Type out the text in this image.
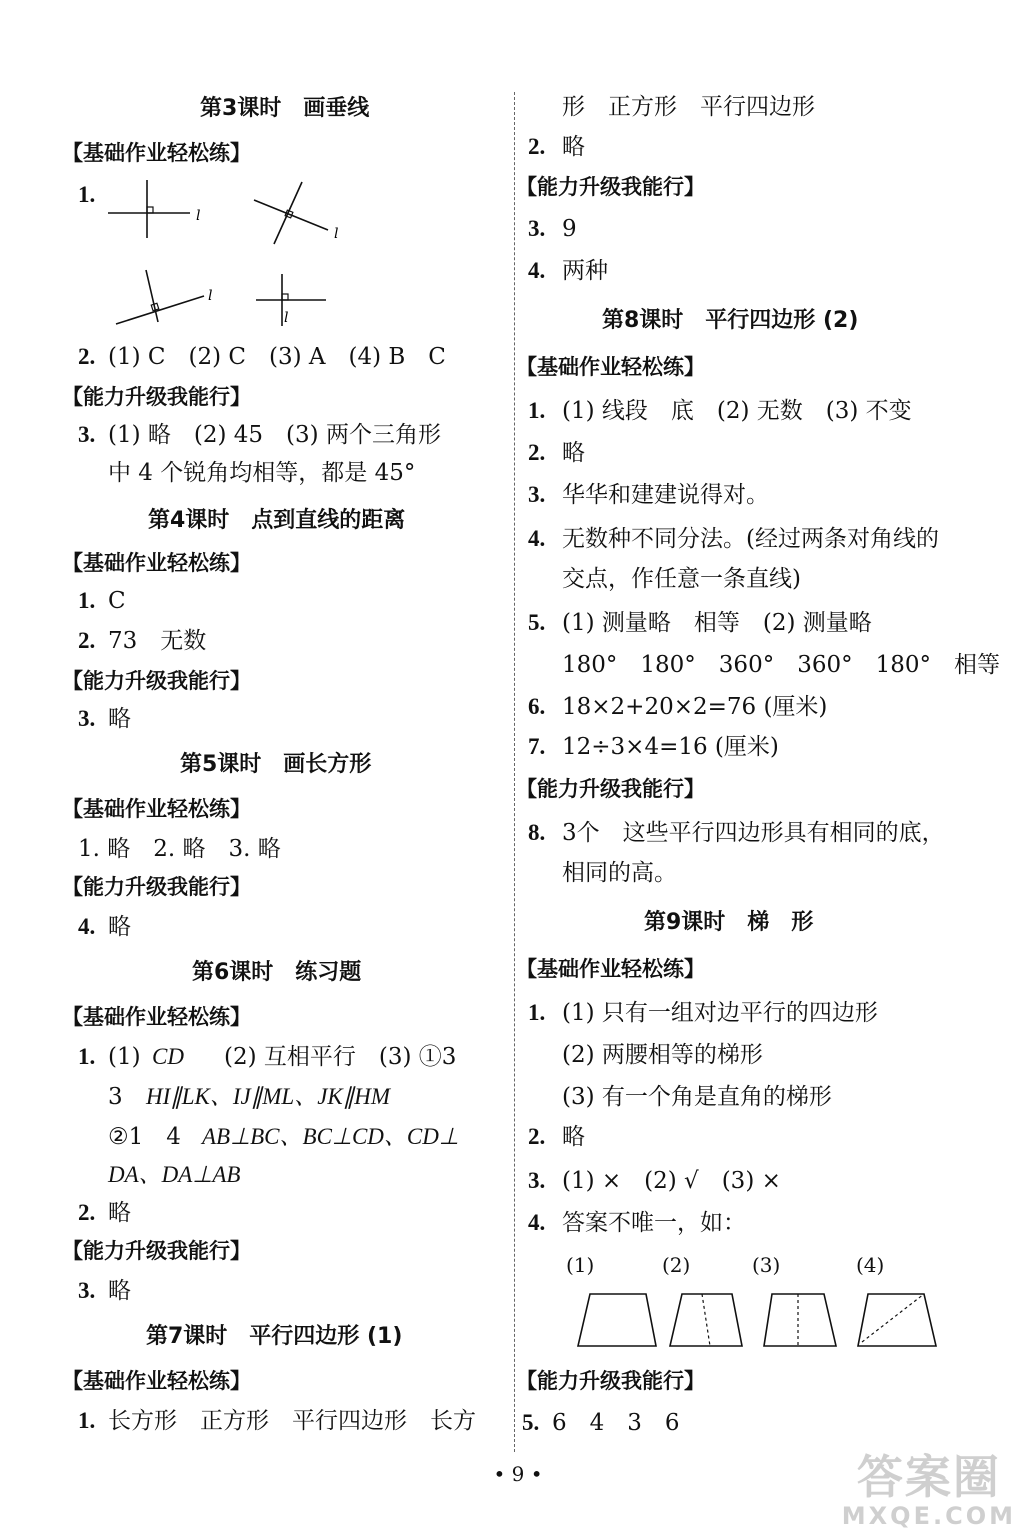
第3课时　画垂线
【基础作业轻松练】
1.
l
l
l
l
2. (1) C　(2) C　(3) A　(4) B　C
【能力升级我能行】
3. (1) 略　(2) 45　(3) 两个三角形
中 4 个锐角均相等，都是 45°
第4课时　点到直线的距离
【基础作业轻松练】
1. C
2. 73　无数
【能力升级我能行】
3. 略
第5课时　画长方形
【基础作业轻松练】
1. 略　2. 略　3. 略
【能力升级我能行】
4. 略
第6课时　练习题
【基础作业轻松练】
1. (1) CD (2) 互相平行　(3) ①3
3 HI∥LK、IJ∥ML、JK∥HM
②1　4 AB⊥BC、BC⊥CD、CD⊥
DA、DA⊥AB
2. 略
【能力升级我能行】
3. 略
第7课时　平行四边形 (1)
【基础作业轻松练】
1. 长方形　正方形　平行四边形　长方
形　正方形　平行四边形
2. 略
【能力升级我能行】
3. 9
4. 两种
第8课时　平行四边形 (2)
【基础作业轻松练】
1. (1) 线段　底　(2) 无数　(3) 不变
2. 略
3. 华华和建建说得对。
4. 无数种不同分法。(经过两条对角线的
交点，作任意一条直线)
5. (1) 测量略　相等　(2) 测量略
180°　180°　360°　360°　180°　相等
6. 18×2+20×2=76 (厘米)
7. 12÷3×4=16 (厘米)
【能力升级我能行】
8. 3个　这些平行四边形具有相同的底，
相同的高。
第9课时　梯　形
【基础作业轻松练】
1. (1) 只有一组对边平行的四边形
(2) 两腰相等的梯形
(3) 有一个角是直角的梯形
2. 略
3. (1) ×　(2) √　(3) ×
4. 答案不唯一，如：
(1)	(2)	(3)	(4)
【能力升级我能行】
5. 6　4　3　6
• 9 •	答案圈
MXQE.COM
